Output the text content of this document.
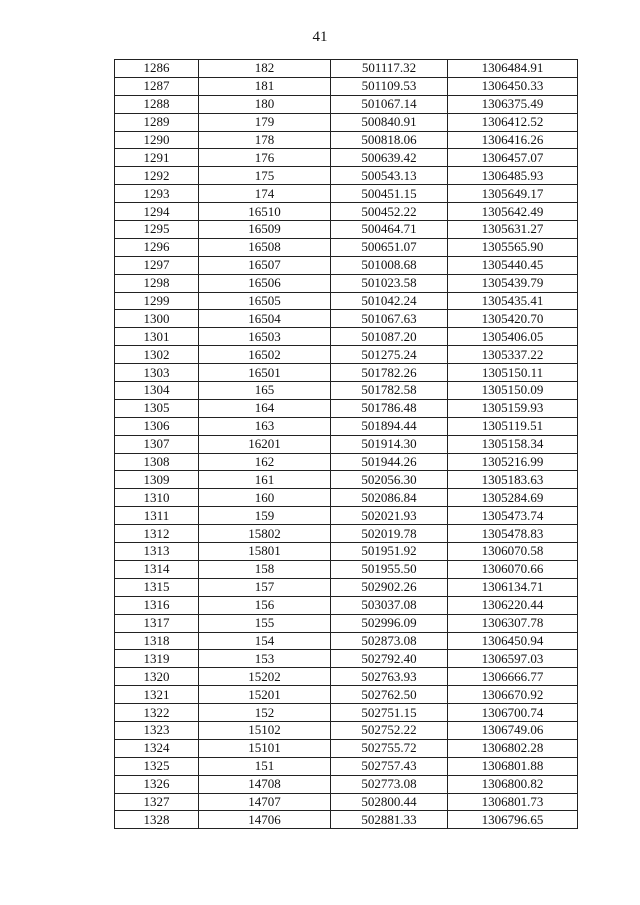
41
1286	182	501117.32	1306484.91
1287	181	501109.53	1306450.33
1288	180	501067.14	1306375.49
1289	179	500840.91	1306412.52
1290	178	500818.06	1306416.26
1291	176	500639.42	1306457.07
1292	175	500543.13	1306485.93
1293	174	500451.15	1305649.17
1294	16510	500452.22	1305642.49
1295	16509	500464.71	1305631.27
1296	16508	500651.07	1305565.90
1297	16507	501008.68	1305440.45
1298	16506	501023.58	1305439.79
1299	16505	501042.24	1305435.41
1300	16504	501067.63	1305420.70
1301	16503	501087.20	1305406.05
1302	16502	501275.24	1305337.22
1303	16501	501782.26	1305150.11
1304	165	501782.58	1305150.09
1305	164	501786.48	1305159.93
1306	163	501894.44	1305119.51
1307	16201	501914.30	1305158.34
1308	162	501944.26	1305216.99
1309	161	502056.30	1305183.63
1310	160	502086.84	1305284.69
1311	159	502021.93	1305473.74
1312	15802	502019.78	1305478.83
1313	15801	501951.92	1306070.58
1314	158	501955.50	1306070.66
1315	157	502902.26	1306134.71
1316	156	503037.08	1306220.44
1317	155	502996.09	1306307.78
1318	154	502873.08	1306450.94
1319	153	502792.40	1306597.03
1320	15202	502763.93	1306666.77
1321	15201	502762.50	1306670.92
1322	152	502751.15	1306700.74
1323	15102	502752.22	1306749.06
1324	15101	502755.72	1306802.28
1325	151	502757.43	1306801.88
1326	14708	502773.08	1306800.82
1327	14707	502800.44	1306801.73
1328	14706	502881.33	1306796.65
